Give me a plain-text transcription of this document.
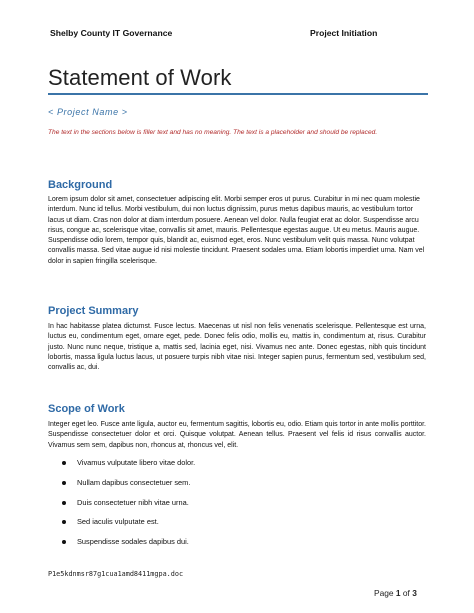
Shelby County IT Governance	Project Initiation
Statement of Work
< Project Name >
The text in the sections below is filler text and has no meaning. The text is a placeholder and should be replaced.
Background

Lorem ipsum dolor sit amet, consectetuer adipiscing elit. Morbi semper eros ut purus. Curabitur in mi nec quam molestie interdum. Nunc id tellus. Morbi vestibulum, dui non luctus dignissim, purus metus dapibus mauris, ac vestibulum tortor lacus ut diam. Cras non dolor at diam interdum posuere. Aenean vel dolor. Nulla feugiat erat ac dolor. Suspendisse arcu risus, congue ac, scelerisque vitae, convallis sit amet, mauris. Pellentesque egestas augue. Ut eu metus. Mauris augue. Suspendisse odio lorem, tempor quis, blandit ac, euismod eget, eros. Nunc vestibulum velit quis massa. Nunc volutpat convallis massa. Sed vitae augue id nisi molestie tincidunt. Praesent sodales urna. Etiam lobortis imperdiet urna. Nam vel dolor in sapien fringilla scelerisque.

Project Summary

In hac habitasse platea dictumst. Fusce lectus. Maecenas ut nisl non felis venenatis scelerisque. Pellentesque est urna, luctus eu, condimentum eget, ornare eget, pede. Donec felis odio, mollis eu, mattis in, condimentum at, risus. Curabitur justo. Nunc nunc neque, tristique a, mattis sed, lacinia eget, nisi. Vivamus nec ante. Donec egestas, nibh quis tincidunt lobortis, massa ligula luctus lacus, ut posuere turpis nibh vitae nisi. Integer sapien purus, fermentum sed, vestibulum sed, convallis ac, dui.

Scope of Work

Integer eget leo. Fusce ante ligula, auctor eu, fermentum sagittis, lobortis eu, odio. Etiam quis tortor in ante mollis porttitor. Suspendisse consectetuer dolor et orci. Quisque volutpat. Aenean tellus. Praesent vel felis id risus convallis auctor. Vivamus sem sem, dapibus non, rhoncus at, rhoncus vel, elit.

Vivamus vulputate libero vitae dolor.
Nullam dapibus consectetuer sem.
Duis consectetuer nibh vitae urna.
Sed iaculis vulputate est.
Suspendisse sodales dapibus dui.
P1e5kdnmsr87g1cua1amd8411mgpa.doc
Page 1 of 3
